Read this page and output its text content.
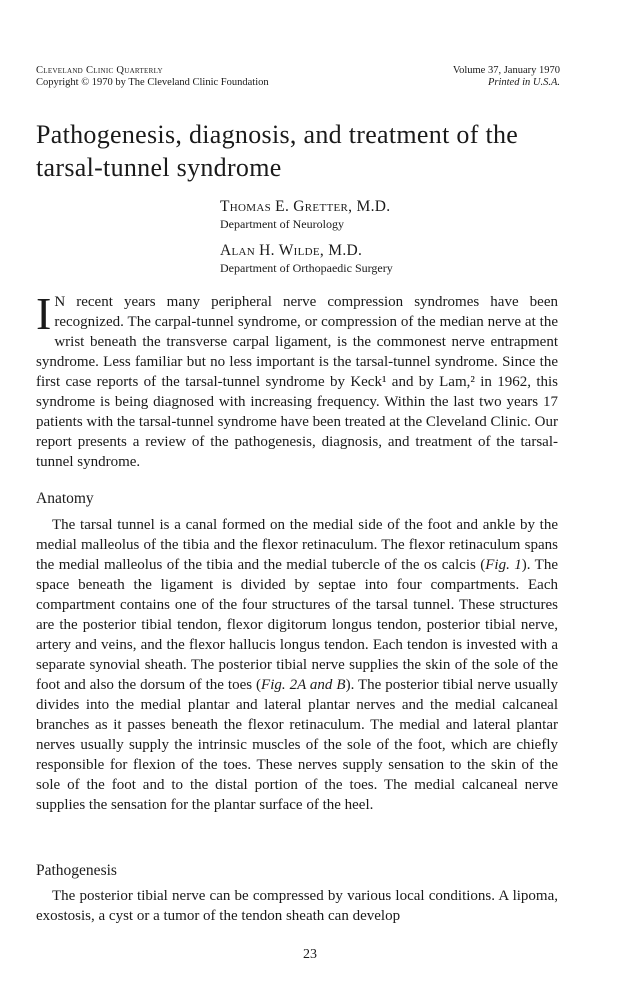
Cleveland Clinic Quarterly
Copyright © 1970 by The Cleveland Clinic Foundation
Volume 37, January 1970
Printed in U.S.A.
Pathogenesis, diagnosis, and treatment of the tarsal-tunnel syndrome
Thomas E. Gretter, M.D.
Department of Neurology
Alan H. Wilde, M.D.
Department of Orthopaedic Surgery
I N recent years many peripheral nerve compression syndromes have been recognized. The carpal-tunnel syndrome, or compression of the median nerve at the wrist beneath the transverse carpal ligament, is the commonest nerve entrapment syndrome. Less familiar but no less important is the tarsal-tunnel syndrome. Since the first case reports of the tarsal-tunnel syndrome by Keck¹ and by Lam,² in 1962, this syndrome is being diagnosed with increasing frequency. Within the last two years 17 patients with the tarsal-tunnel syndrome have been treated at the Cleveland Clinic. Our report presents a review of the pathogenesis, diagnosis, and treatment of the tarsal-tunnel syndrome.
Anatomy
The tarsal tunnel is a canal formed on the medial side of the foot and ankle by the medial malleolus of the tibia and the flexor retinaculum. The flexor retinaculum spans the medial malleolus of the tibia and the medial tubercle of the os calcis (Fig. 1). The space beneath the ligament is divided by septae into four compartments. Each compartment contains one of the four structures of the tarsal tunnel. These structures are the posterior tibial tendon, flexor digitorum longus tendon, posterior tibial nerve, artery and veins, and the flexor hallucis longus tendon. Each tendon is invested with a separate synovial sheath. The posterior tibial nerve supplies the skin of the sole of the foot and also the dorsum of the toes (Fig. 2A and B). The posterior tibial nerve usually divides into the medial plantar and lateral plantar nerves and the medial calcaneal branches as it passes beneath the flexor retinaculum. The medial and lateral plantar nerves usually supply the intrinsic muscles of the sole of the foot, which are chiefly responsible for flexion of the toes. These nerves supply sensation to the skin of the sole of the foot and to the distal portion of the toes. The medial calcaneal nerve supplies the sensation for the plantar surface of the heel.
Pathogenesis
The posterior tibial nerve can be compressed by various local conditions. A lipoma, exostosis, a cyst or a tumor of the tendon sheath can develop
23
